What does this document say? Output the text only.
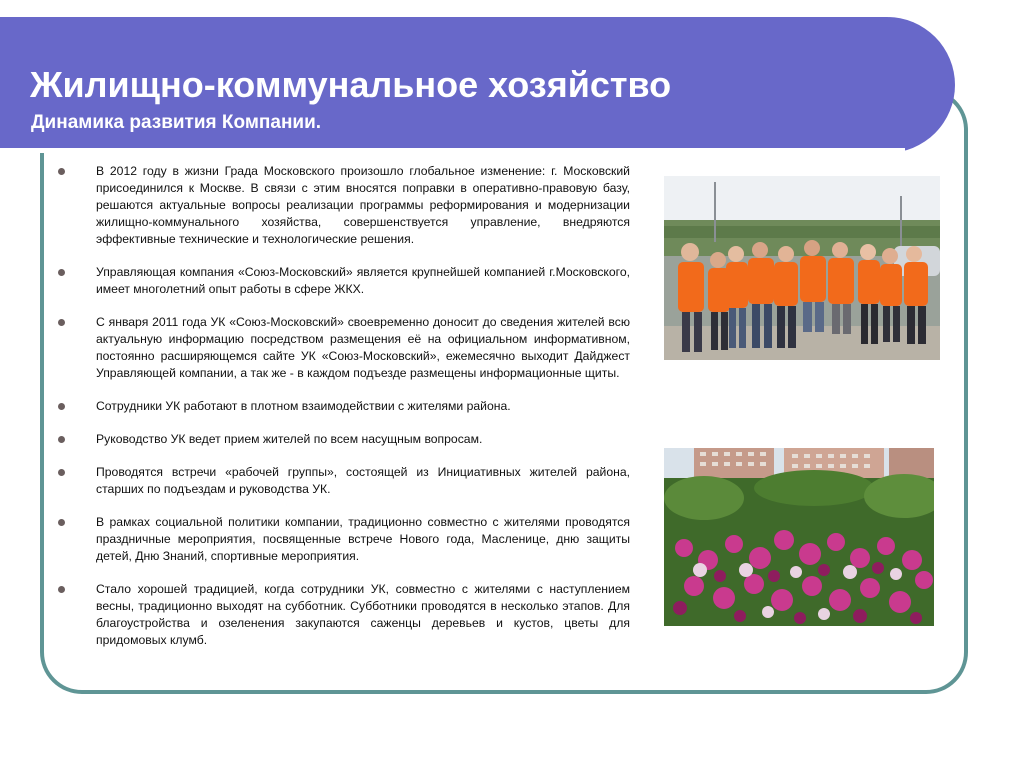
Жилищно-коммунальное хозяйство
Динамика развития Компании.
В 2012 году в жизни Града Московского произошло глобальное изменение: г. Московский присоединился к Москве. В связи с этим вносятся поправки в оперативно-правовую базу, решаются актуальные вопросы реализации программы реформирования и модернизации жилищно-коммунального хозяйства, совершенствуется управление, внедряются эффективные технические и технологические решения.
Управляющая компания «Союз-Московский» является крупнейшей компанией г.Московского, имеет многолетний опыт работы в сфере ЖКХ.
С января 2011 года УК «Союз-Московский» своевременно доносит до сведения жителей всю актуальную информацию посредством размещения её на официальном информативном, постоянно расширяющемся сайте УК «Союз-Московский», ежемесячно выходит Дайджест Управляющей компании, а так же - в каждом подъезде размещены информационные щиты.
Сотрудники УК работают в плотном взаимодействии с жителями района.
Руководство УК ведет прием жителей по всем насущным вопросам.
Проводятся встречи «рабочей группы», состоящей из Инициативных жителей района, старших по подъездам и руководства УК.
В рамках социальной политики компании, традиционно совместно с жителями проводятся праздничные мероприятия, посвященные встрече Нового года, Масленице, дню защиты детей, Дню Знаний, спортивные мероприятия.
Стало хорошей традицией, когда сотрудники УК, совместно с жителями с наступлением весны, традиционно выходят на субботник. Субботники проводятся в несколько этапов. Для благоустройства и озеленения закупаются саженцы деревьев и кустов, цветы для придомовых клумб.
